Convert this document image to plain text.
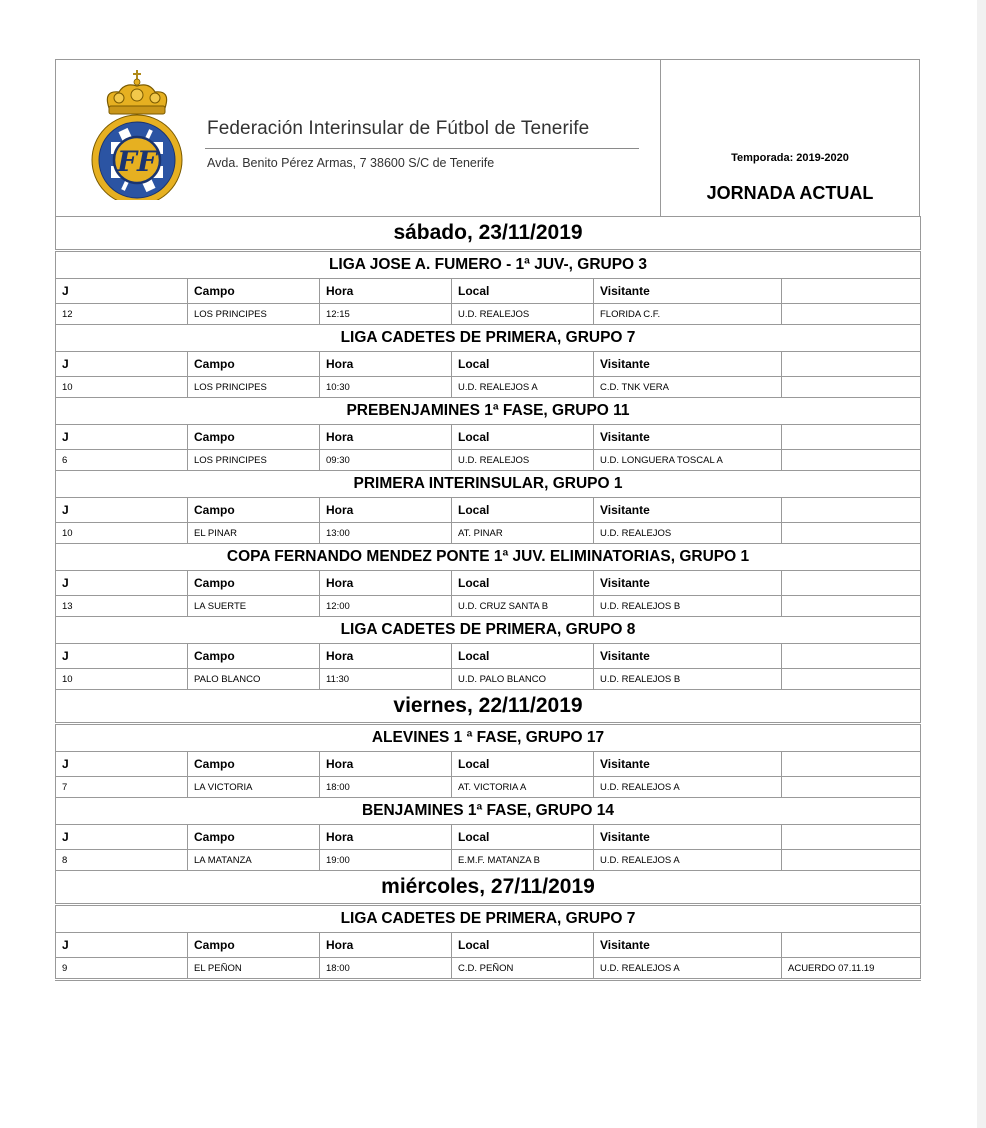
FF
Federación Interinsular de Fútbol de Tenerife
Avda. Benito Pérez Armas, 7 38600 S/C de Tenerife	Temporada: 2019-2020
JORNADA ACTUAL
sábado, 23/11/2019					
LIGA JOSE A. FUMERO - 1ª JUV-, GRUPO 3					
J	Campo	Hora	Local	Visitante	
12	LOS PRINCIPES	12:15	U.D. REALEJOS	FLORIDA C.F.	
LIGA CADETES DE PRIMERA, GRUPO 7					
J	Campo	Hora	Local	Visitante	
10	LOS PRINCIPES	10:30	U.D. REALEJOS A	C.D. TNK VERA	
PREBENJAMINES 1ª FASE, GRUPO 11					
J	Campo	Hora	Local	Visitante	
6	LOS PRINCIPES	09:30	U.D. REALEJOS	U.D. LONGUERA TOSCAL A	
PRIMERA INTERINSULAR, GRUPO 1					
J	Campo	Hora	Local	Visitante	
10	EL PINAR	13:00	AT. PINAR	U.D. REALEJOS	
COPA FERNANDO MENDEZ PONTE 1ª JUV. ELIMINATORIAS, GRUPO 1					
J	Campo	Hora	Local	Visitante	
13	LA SUERTE	12:00	U.D. CRUZ SANTA B	U.D. REALEJOS B	
LIGA CADETES DE PRIMERA, GRUPO 8					
J	Campo	Hora	Local	Visitante	
10	PALO BLANCO	11:30	U.D. PALO BLANCO	U.D. REALEJOS B	
viernes, 22/11/2019					
ALEVINES 1 ª FASE, GRUPO 17					
J	Campo	Hora	Local	Visitante	
7	LA VICTORIA	18:00	AT. VICTORIA A	U.D. REALEJOS A	
BENJAMINES 1ª FASE, GRUPO 14					
J	Campo	Hora	Local	Visitante	
8	LA MATANZA	19:00	E.M.F. MATANZA B	U.D. REALEJOS A	
miércoles, 27/11/2019					
LIGA CADETES DE PRIMERA, GRUPO 7					
J	Campo	Hora	Local	Visitante	
9	EL PEÑON	18:00	C.D. PEÑON	U.D. REALEJOS A	ACUERDO 07.11.19
